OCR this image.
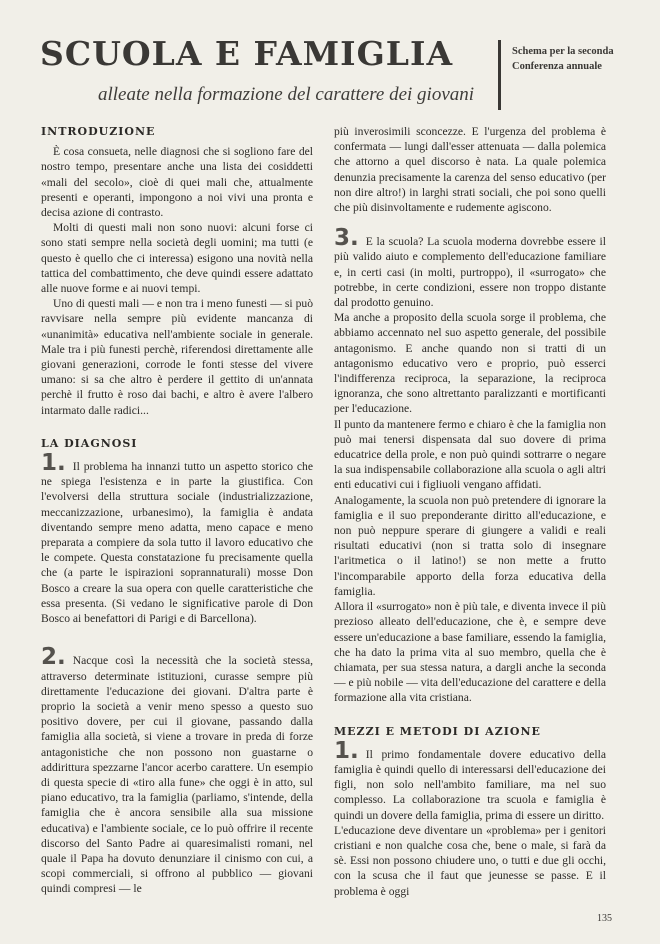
SCUOLA E FAMIGLIA

alleate nella formazione del carattere dei giovani

Schema per la seconda Conferenza annuale

INTRODUZIONE

È cosa consueta, nelle diagnosi che si sogliono fare del nostro tempo, presentare anche una lista dei cosiddetti «mali del secolo», cioè di quei mali che, attualmente presenti e operanti, impongono a noi vivi una pronta e decisa azione di contrasto.

Molti di questi mali non sono nuovi: alcuni forse ci sono stati sempre nella società degli uomini; ma tutti (e questo è quello che ci interessa) esigono una novità nella tattica del combattimento, che deve quindi essere adattato alle nuove forme e ai nuovi tempi.

Uno di questi mali — e non tra i meno funesti — si può ravvisare nella sempre più evidente mancanza di «unanimità» educativa nell'ambiente sociale in generale. Male tra i più funesti perchè, riferendosi direttamente alle giovani generazioni, corrode le fonti stesse del vivere umano: si sa che altro è perdere il gettito di un'annata perchè il frutto è roso dai bachi, e altro è avere l'albero intarmato dalle radici...

LA DIAGNOSI

1. Il problema ha innanzi tutto un aspetto storico che ne spiega l'esistenza e in parte la giustifica. Con l'evolversi della struttura sociale (industrializzazione, meccanizzazione, urbanesimo), la famiglia è andata diventando sempre meno adatta, meno capace e meno preparata a compiere da sola tutto il lavoro educativo che le compete. Questa constatazione fu precisamente quella che (a parte le ispirazioni soprannaturali) mosse Don Bosco a creare la sua opera con quelle caratteristiche che essa presenta. (Si vedano le significative parole di Don Bosco ai benefattori di Parigi e di Barcellona).

2. Nacque così la necessità che la società stessa, attraverso determinate istituzioni, curasse sempre più direttamente l'educazione dei giovani. D'altra parte è proprio la società a venir meno spesso a questo suo positivo dovere, per cui il giovane, passando dalla famiglia alla società, si viene a trovare in preda di forze antagonistiche che non possono non guastarne o addirittura spezzarne l'ancor acerbo carattere. Un esempio di questa specie di «tiro alla fune» che oggi è in atto, sul piano educativo, tra la famiglia (parliamo, s'intende, della famiglia che è ancora sensibile alla sua missione educativa) e l'ambiente sociale, ce lo può offrire il recente discorso del Santo Padre ai quaresimalisti romani, nel quale il Papa ha dovuto denunziare il cinismo con cui, a scopi commerciali, si offrono al pubblico — giovani quindi compresi — le

più inverosimili sconcezze. E l'urgenza del problema è confermata — lungi dall'esser attenuata — dalla polemica che attorno a quel discorso è nata. La quale polemica denunzia precisamente la carenza del senso educativo (per non dire altro!) in larghi strati sociali, che poi sono quelli che più disinvoltamente e rudemente agiscono.

3. E la scuola? La scuola moderna dovrebbe essere il più valido aiuto e complemento dell'educazione familiare e, in certi casi (in molti, purtroppo), il «surrogato» che potrebbe, in certe condizioni, essere non troppo distante dal prodotto genuino.

Ma anche a proposito della scuola sorge il problema, che abbiamo accennato nel suo aspetto generale, del possibile antagonismo. E anche quando non si tratti di un antagonismo educativo vero e proprio, può esserci l'indifferenza reciproca, la separazione, la reciproca ignoranza, che sono altrettanto paralizzanti e mortificanti per l'educazione.

Il punto da mantenere fermo e chiaro è che la famiglia non può mai tenersi dispensata dal suo dovere di prima educatrice della prole, e non può quindi sottrarre o negare la sua indispensabile collaborazione alla scuola o agli altri enti educativi cui i figliuoli vengano affidati.

Analogamente, la scuola non può pretendere di ignorare la famiglia e il suo preponderante diritto all'educazione, e non può neppure sperare di giungere a validi e reali risultati educativi (non si tratta solo di insegnare l'aritmetica o il latino!) se non mette a frutto l'incomparabile apporto della forza educativa della famiglia.

Allora il «surrogato» non è più tale, e diventa invece il più prezioso alleato dell'educazione, che è, e sempre deve essere un'educazione a base familiare, essendo la famiglia, che ha dato la prima vita al suo membro, quella che è chiamata, per sua stessa natura, a dargli anche la seconda — e più nobile — vita dell'educazione del carattere e della formazione alla vita cristiana.

MEZZI E METODI DI AZIONE

1. Il primo fondamentale dovere educativo della famiglia è quindi quello di interessarsi dell'educazione dei figli, non solo nell'ambito familiare, ma nel suo complesso. La collaborazione tra scuola e famiglia è quindi un dovere della famiglia, prima di essere un diritto.

L'educazione deve diventare un «problema» per i genitori cristiani e non qualche cosa che, bene o male, si farà da sè. Essi non possono chiudere uno, o tutti e due gli occhi, con la scusa che il faut que jeunesse se passe. E il problema è oggi

135
